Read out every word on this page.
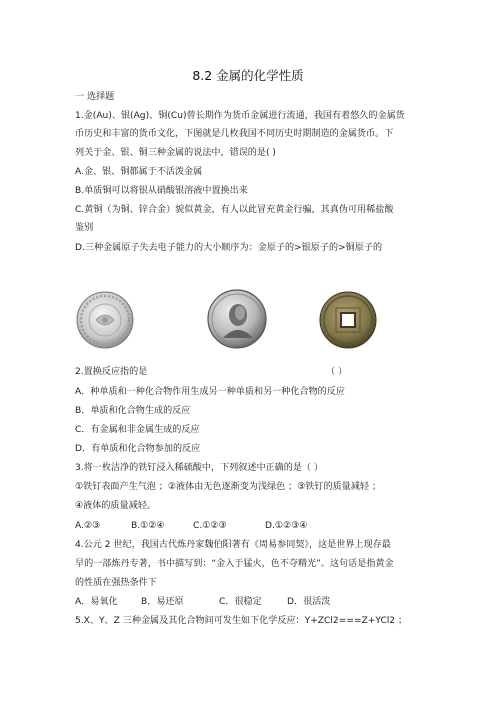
8.2 金属的化学性质
一 选择题
1.金(Au)、银(Ag)、铜(Cu)曾长期作为货币金属进行流通，我国有着悠久的金属货
币历史和丰富的货币文化，下图就是几枚我国不同历史时期制造的金属货币。下
列关于金、银、铜三种金属的说法中，错误的是( )
A.金、银、铜都属于不活泼金属
B.单质铜可以将银从硝酸银溶液中置换出来
C.黄铜（为铜、锌合金）貌似黄金，有人以此冒充黄金行骗，其真伪可用稀盐酸
鉴别
D.三种金属原子失去电子能力的大小顺序为：金原子的>银原子的>铜原子的
2.置换反应指的是	（ ）
A．种单质和一种化合物作用生成另一种单质和另一种化合物的反应
B．单质和化合物生成的反应
C．有金属和非金属生成的反应
D．有单质和化合物参加的反应
3.将一枚洁净的铁钉浸入稀硫酸中，下列叙述中正确的是（ ）
①铁钉表面产生气泡 ；②液体由无色逐渐变为浅绿色 ；③铁钉的质量减轻 ；
④液体的质量减轻。
A.②③	B.①②④	C.①②③	D.①②③④
4.公元 2 世纪，我国古代炼丹家魏伯阳著有《周易参同契》，这是世界上现存最
早的一部炼丹专著，书中描写到：“金入于猛火，色不夺精光”。这句话是指黄金
的性质在强热条件下
A．易氧化	B．易还原	C．很稳定	D．很活泼
5.X、Y、Z 三种金属及其化合物间可发生如下化学反应：Y+ZCl2===Z+YCl2 ；
